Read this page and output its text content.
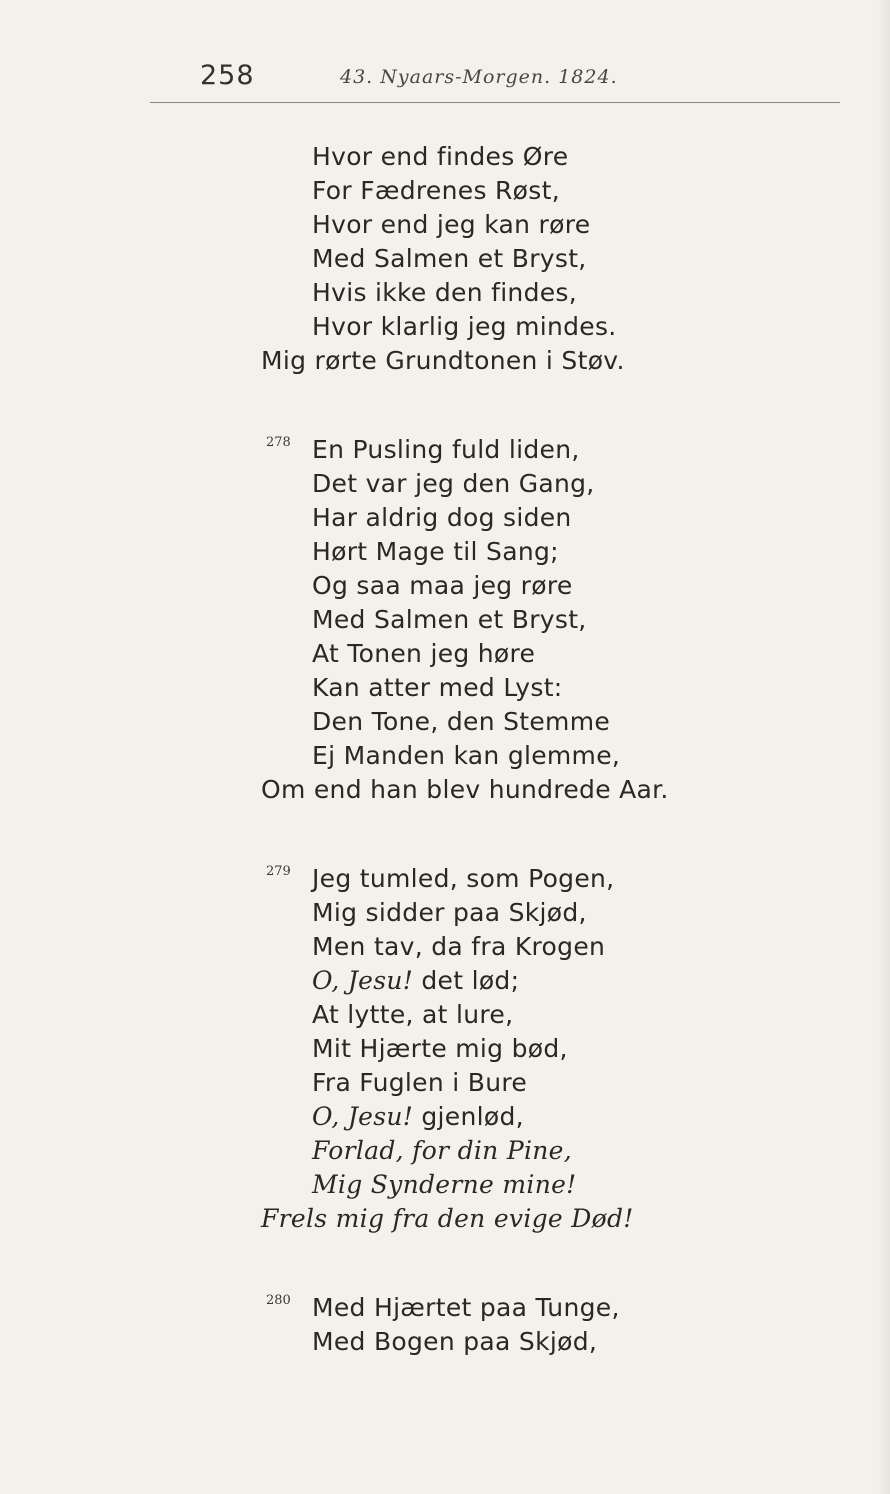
258	43. Nyaars-Morgen. 1824.
Hvor end findes Øre
For Fædrenes Røst,
Hvor end jeg kan røre
Med Salmen et Bryst,
Hvis ikke den findes,
Hvor klarlig jeg mindes.
Mig rørte Grundtonen i Støv.
278 En Pusling fuld liden,
Det var jeg den Gang,
Har aldrig dog siden
Hørt Mage til Sang;
Og saa maa jeg røre
Med Salmen et Bryst,
At Tonen jeg høre
Kan atter med Lyst:
Den Tone, den Stemme
Ej Manden kan glemme,
Om end han blev hundrede Aar.
279 Jeg tumled, som Pogen,
Mig sidder paa Skjød,
Men tav, da fra Krogen
O, Jesu! det lød;
At lytte, at lure,
Mit Hjærte mig bød,
Fra Fuglen i Bure
O, Jesu! gjenlød,
Forlad, for din Pine,
Mig Synderne mine!
Frels mig fra den evige Død!
280 Med Hjærtet paa Tunge,
Med Bogen paa Skjød,
